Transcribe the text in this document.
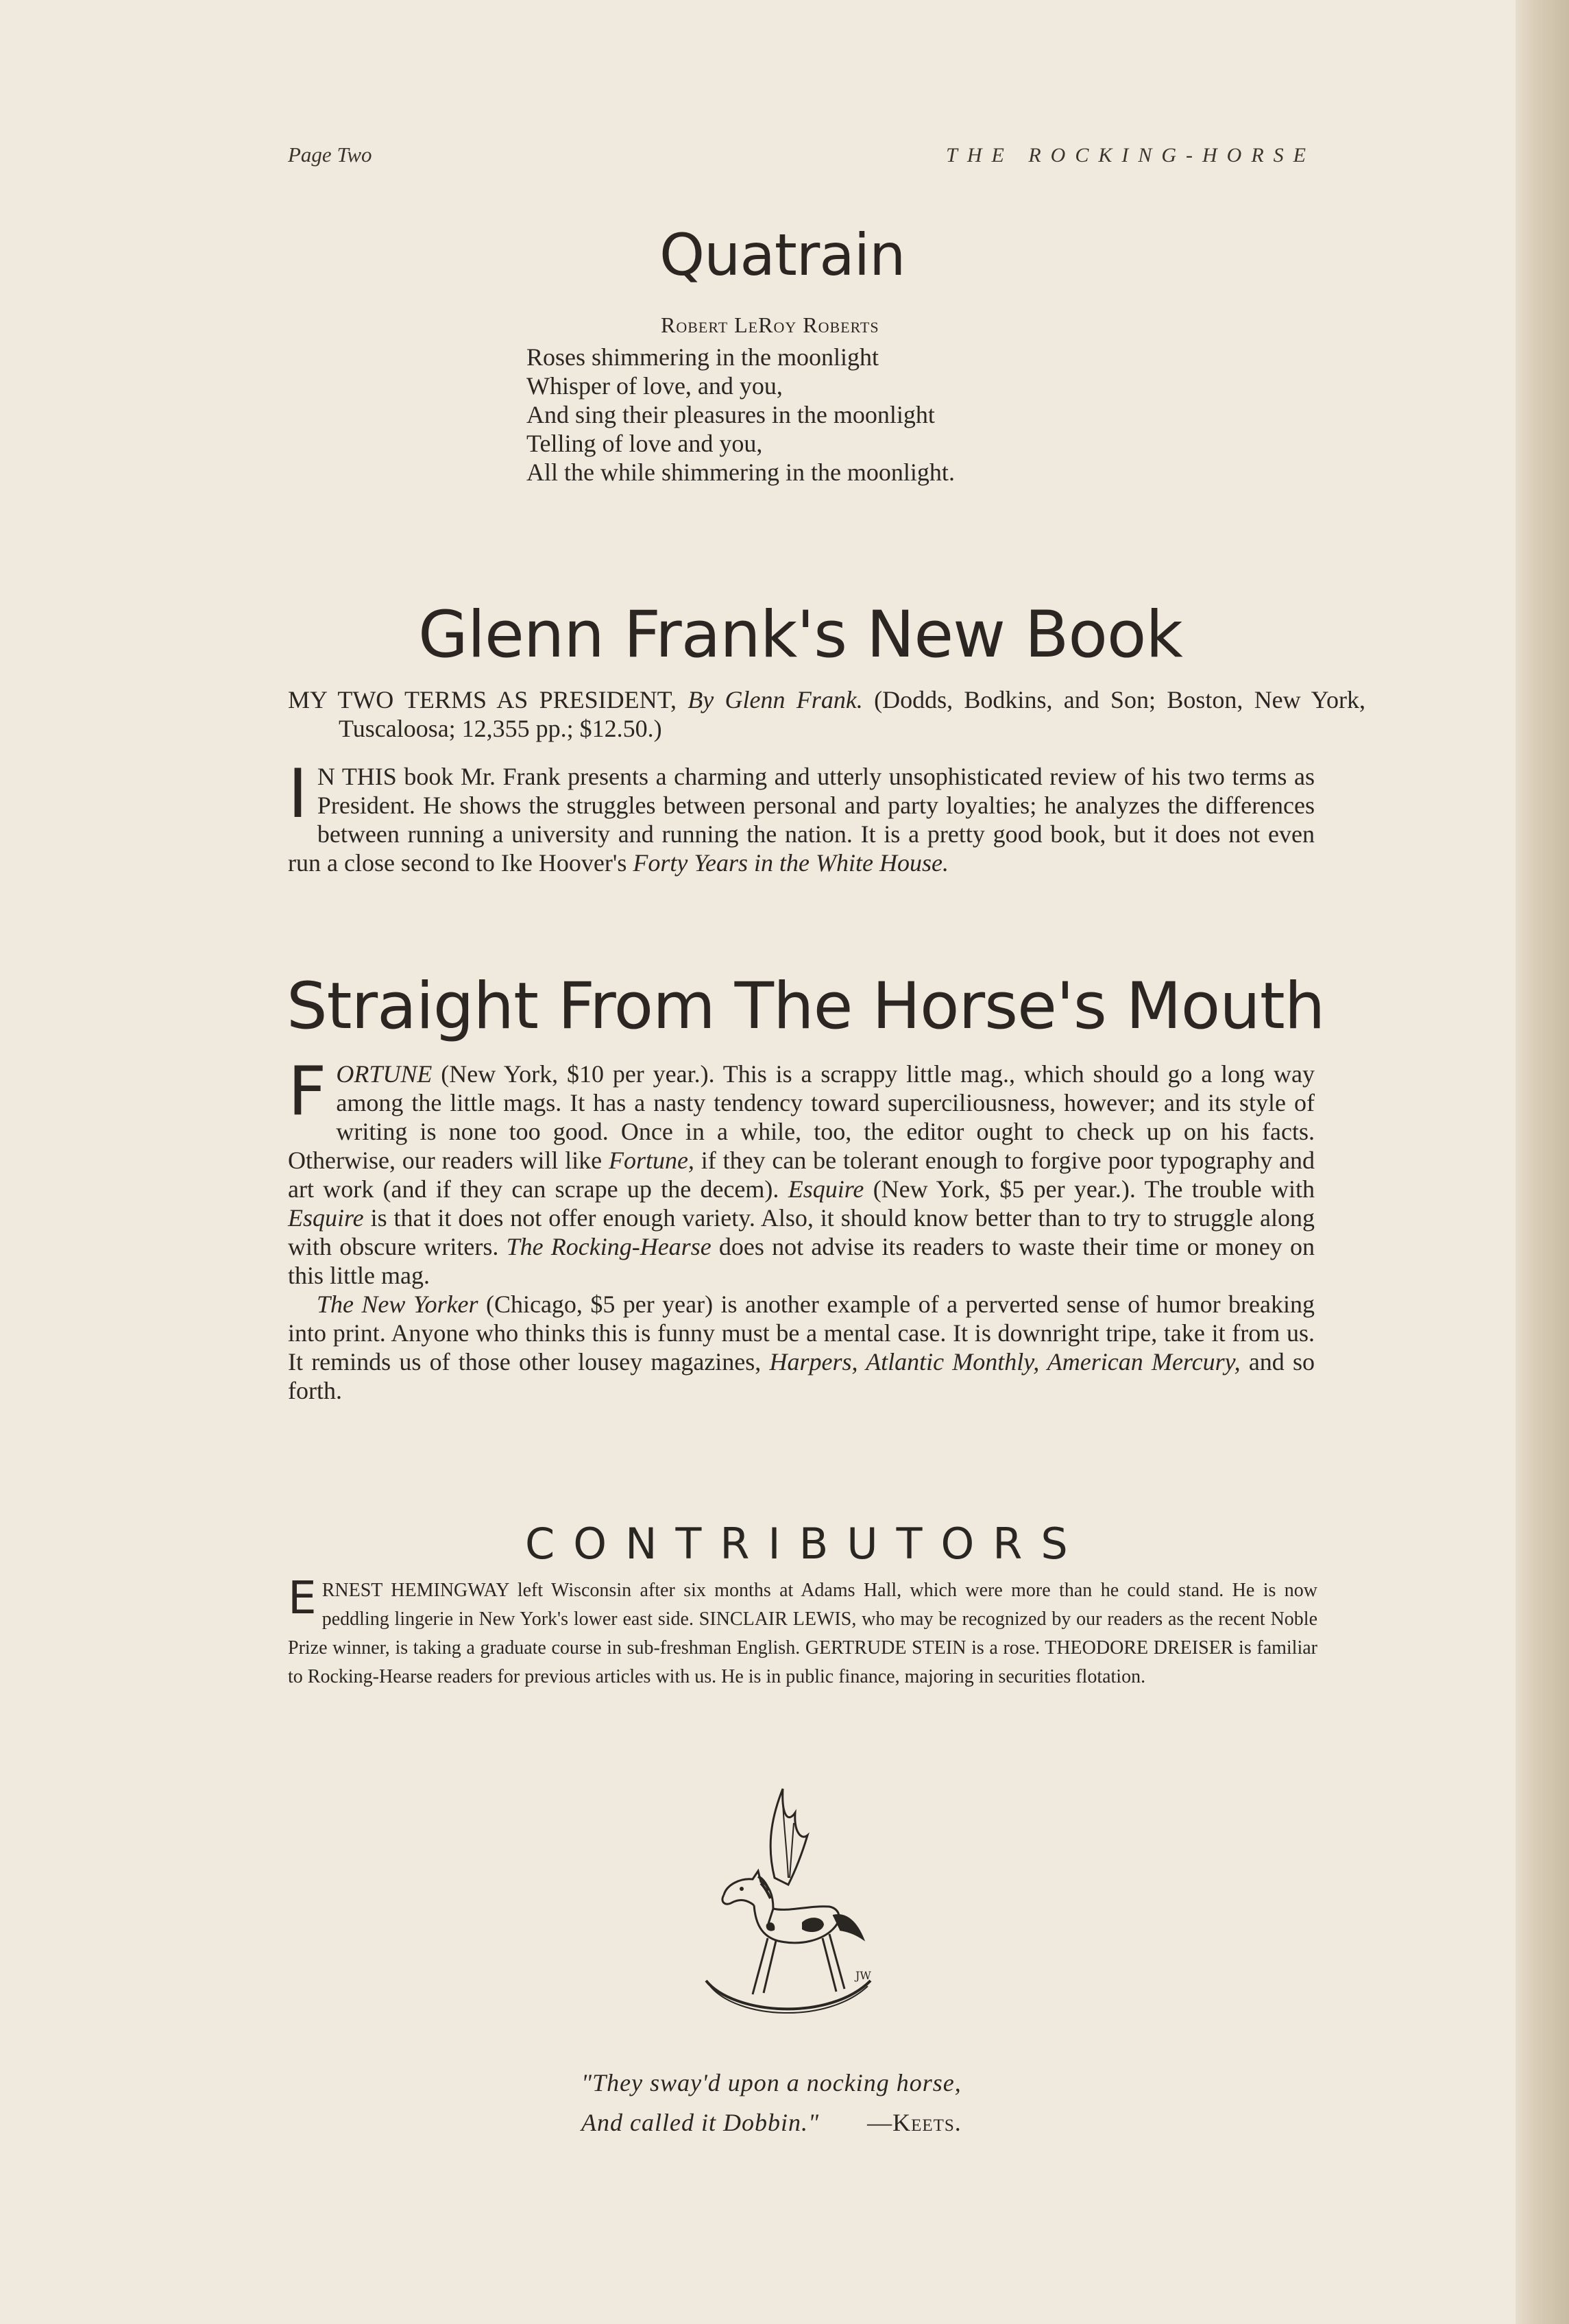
Page Two	THE ROCKING-HORSE
Quatrain
Robert LeRoy Roberts
Roses shimmering in the moonlight
Whisper of love, and you,
And sing their pleasures in the moonlight
Telling of love and you,
All the while shimmering in the moonlight.
Glenn Frank's New Book
MY TWO TERMS AS PRESIDENT, By Glenn Frank. (Dodds, Bodkins, and Son; Boston, New York, Tuscaloosa; 12,355 pp.; $12.50.)

I N THIS book Mr. Frank presents a charming and utterly unsophisticated review of his two terms as President. He shows the struggles between personal and party loyalties; he analyzes the differences between running a university and running the nation. It is a pretty good book, but it does not even run a close second to Ike Hoover's Forty Years in the White House.

Straight From The Horse's Mouth

FORTUNE (New York, $10 per year.). This is a scrappy little mag., which should go a long way among the little mags. It has a nasty tendency toward superciliousness, however; and its style of writing is none too good. Once in a while, too, the editor ought to check up on his facts. Otherwise, our readers will like Fortune, if they can be tolerant enough to forgive poor typography and art work (and if they can scrape up the decem). Esquire (New York, $5 per year.). The trouble with Esquire is that it does not offer enough variety. Also, it should know better than to try to struggle along with obscure writers. The Rocking-Hearse does not advise its readers to waste their time or money on this little mag.

The New Yorker (Chicago, $5 per year) is another example of a perverted sense of humor breaking into print. Anyone who thinks this is funny must be a mental case. It is downright tripe, take it from us. It reminds us of those other lousey magazines, Harpers, Atlantic Monthly, American Mercury, and so forth.

CONTRIBUTORS
ERNEST HEMINGWAY left Wisconsin after six months at Adams Hall, which were more than he could stand. He is now peddling lingerie in New York's lower east side. SINCLAIR LEWIS, who may be recognized by our readers as the recent Noble Prize winner, is taking a graduate course in sub-freshman English. GERTRUDE STEIN is a rose. THEODORE DREISER is familiar to Rocking-Hearse readers for previous articles with us. He is in public finance, majoring in securities flotation.
JW
"They sway'd upon a nocking horse,
And called it Dobbin." —Keets.
